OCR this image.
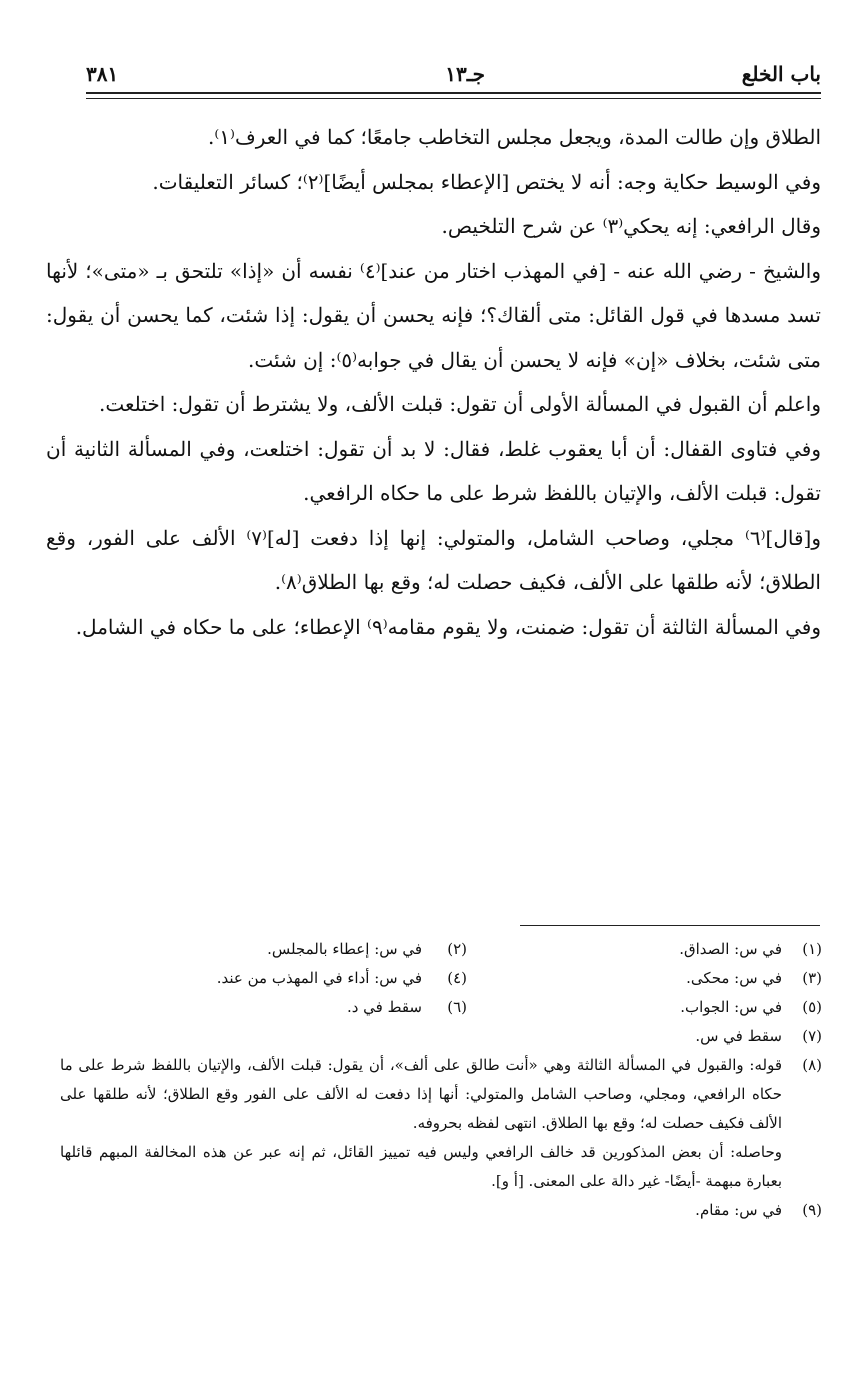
باب الخلع
جـ١٣
٣٨١

الطلاق وإن طالت المدة، ويجعل مجلس التخاطب جامعًا؛ كما في العرف⁽١⁾.

وفي الوسيط حكاية وجه: أنه لا يختص [الإعطاء بمجلس أيضًا]⁽٢⁾؛ كسائر التعليقات.

وقال الرافعي: إنه يحكي⁽٣⁾ عن شرح التلخيص.

والشيخ - رضي الله عنه - [في المهذب اختار من عند]⁽٤⁾ نفسه أن «إذا» تلتحق بـ «متى»؛ لأنها تسد مسدها في قول القائل: متى ألقاك؟؛ فإنه يحسن أن يقول: إذا شئت، كما يحسن أن يقول: متى شئت، بخلاف «إن» فإنه لا يحسن أن يقال في جوابه⁽٥⁾: إن شئت.

واعلم أن القبول في المسألة الأولى أن تقول: قبلت الألف، ولا يشترط أن تقول: اختلعت.

وفي فتاوى القفال: أن أبا يعقوب غلط، فقال: لا بد أن تقول: اختلعت، وفي المسألة الثانية أن تقول: قبلت الألف، والإتيان باللفظ شرط على ما حكاه الرافعي.

و[قال]⁽٦⁾ مجلي، وصاحب الشامل، والمتولي: إنها إذا دفعت [له]⁽٧⁾ الألف على الفور، وقع الطلاق؛ لأنه طلقها على الألف، فكيف حصلت له؛ وقع بها الطلاق⁽٨⁾.

وفي المسألة الثالثة أن تقول: ضمنت، ولا يقوم مقامه⁽٩⁾ الإعطاء؛ على ما حكاه في الشامل.

(١)
في س: الصداق.
(٢)
في س: إعطاء بالمجلس.
(٣)
في س: محكى.
(٤)
في س: أداء في المهذب من عند.
(٥)
في س: الجواب.
(٦)
سقط في د.
(٧)
سقط في س.
(٨)

قوله: والقبول في المسألة الثالثة وهي «أنت طالق على ألف»، أن يقول: قبلت الألف، والإتيان باللفظ شرط على ما حكاه الرافعي، ومجلي، وصاحب الشامل والمتولي: أنها إذا دفعت له الألف على الفور وقع الطلاق؛ لأنه طلقها على الألف فكيف حصلت له؛ وقع بها الطلاق. انتهى لفظه بحروفه.

وحاصله: أن بعض المذكورين قد خالف الرافعي وليس فيه تمييز القائل، ثم إنه عبر عن هذه المخالفة المبهم قائلها بعبارة مبهمة -أيضًا- غير دالة على المعنى. [أ و].

(٩)
في س: مقام.
